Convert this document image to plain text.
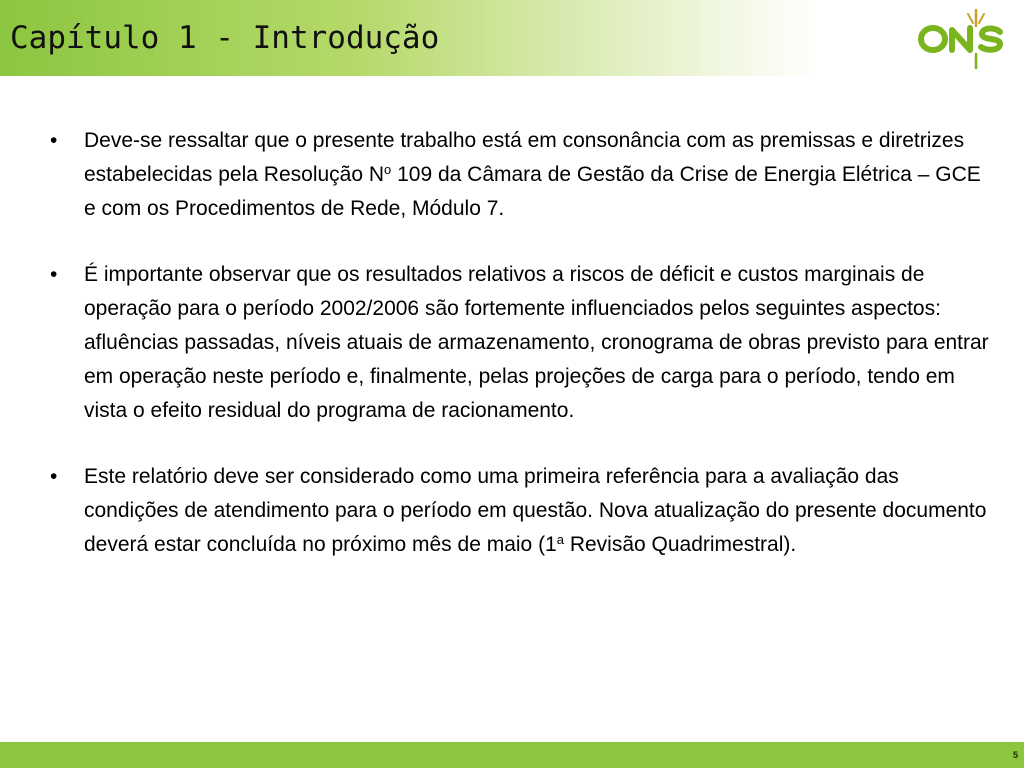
Capítulo 1 - Introdução
•	Deve-se ressaltar que o presente trabalho está em consonância com as premissas e diretrizes estabelecidas pela Resolução $N^o$ 109 da Câmara de Gestão da Crise de Energia Elétrica – GCE e com os Procedimentos de Rede, Módulo 7.
•	É importante observar que os resultados relativos a riscos de déficit e custos marginais de operação para o período 2002/2006 são fortemente influenciados pelos seguintes aspectos: afluências passadas, níveis atuais de armazenamento, cronograma de obras previsto para entrar em operação neste período e, finalmente, pelas projeções de carga para o período, tendo em vista o efeito residual do programa de racionamento.
•	Este relatório deve ser considerado como uma primeira referência para a avaliação das condições de atendimento para o período em questão. Nova atualização do presente documento deverá estar concluída no próximo mês de maio (1$^a$ Revisão Quadrimestral).
5
